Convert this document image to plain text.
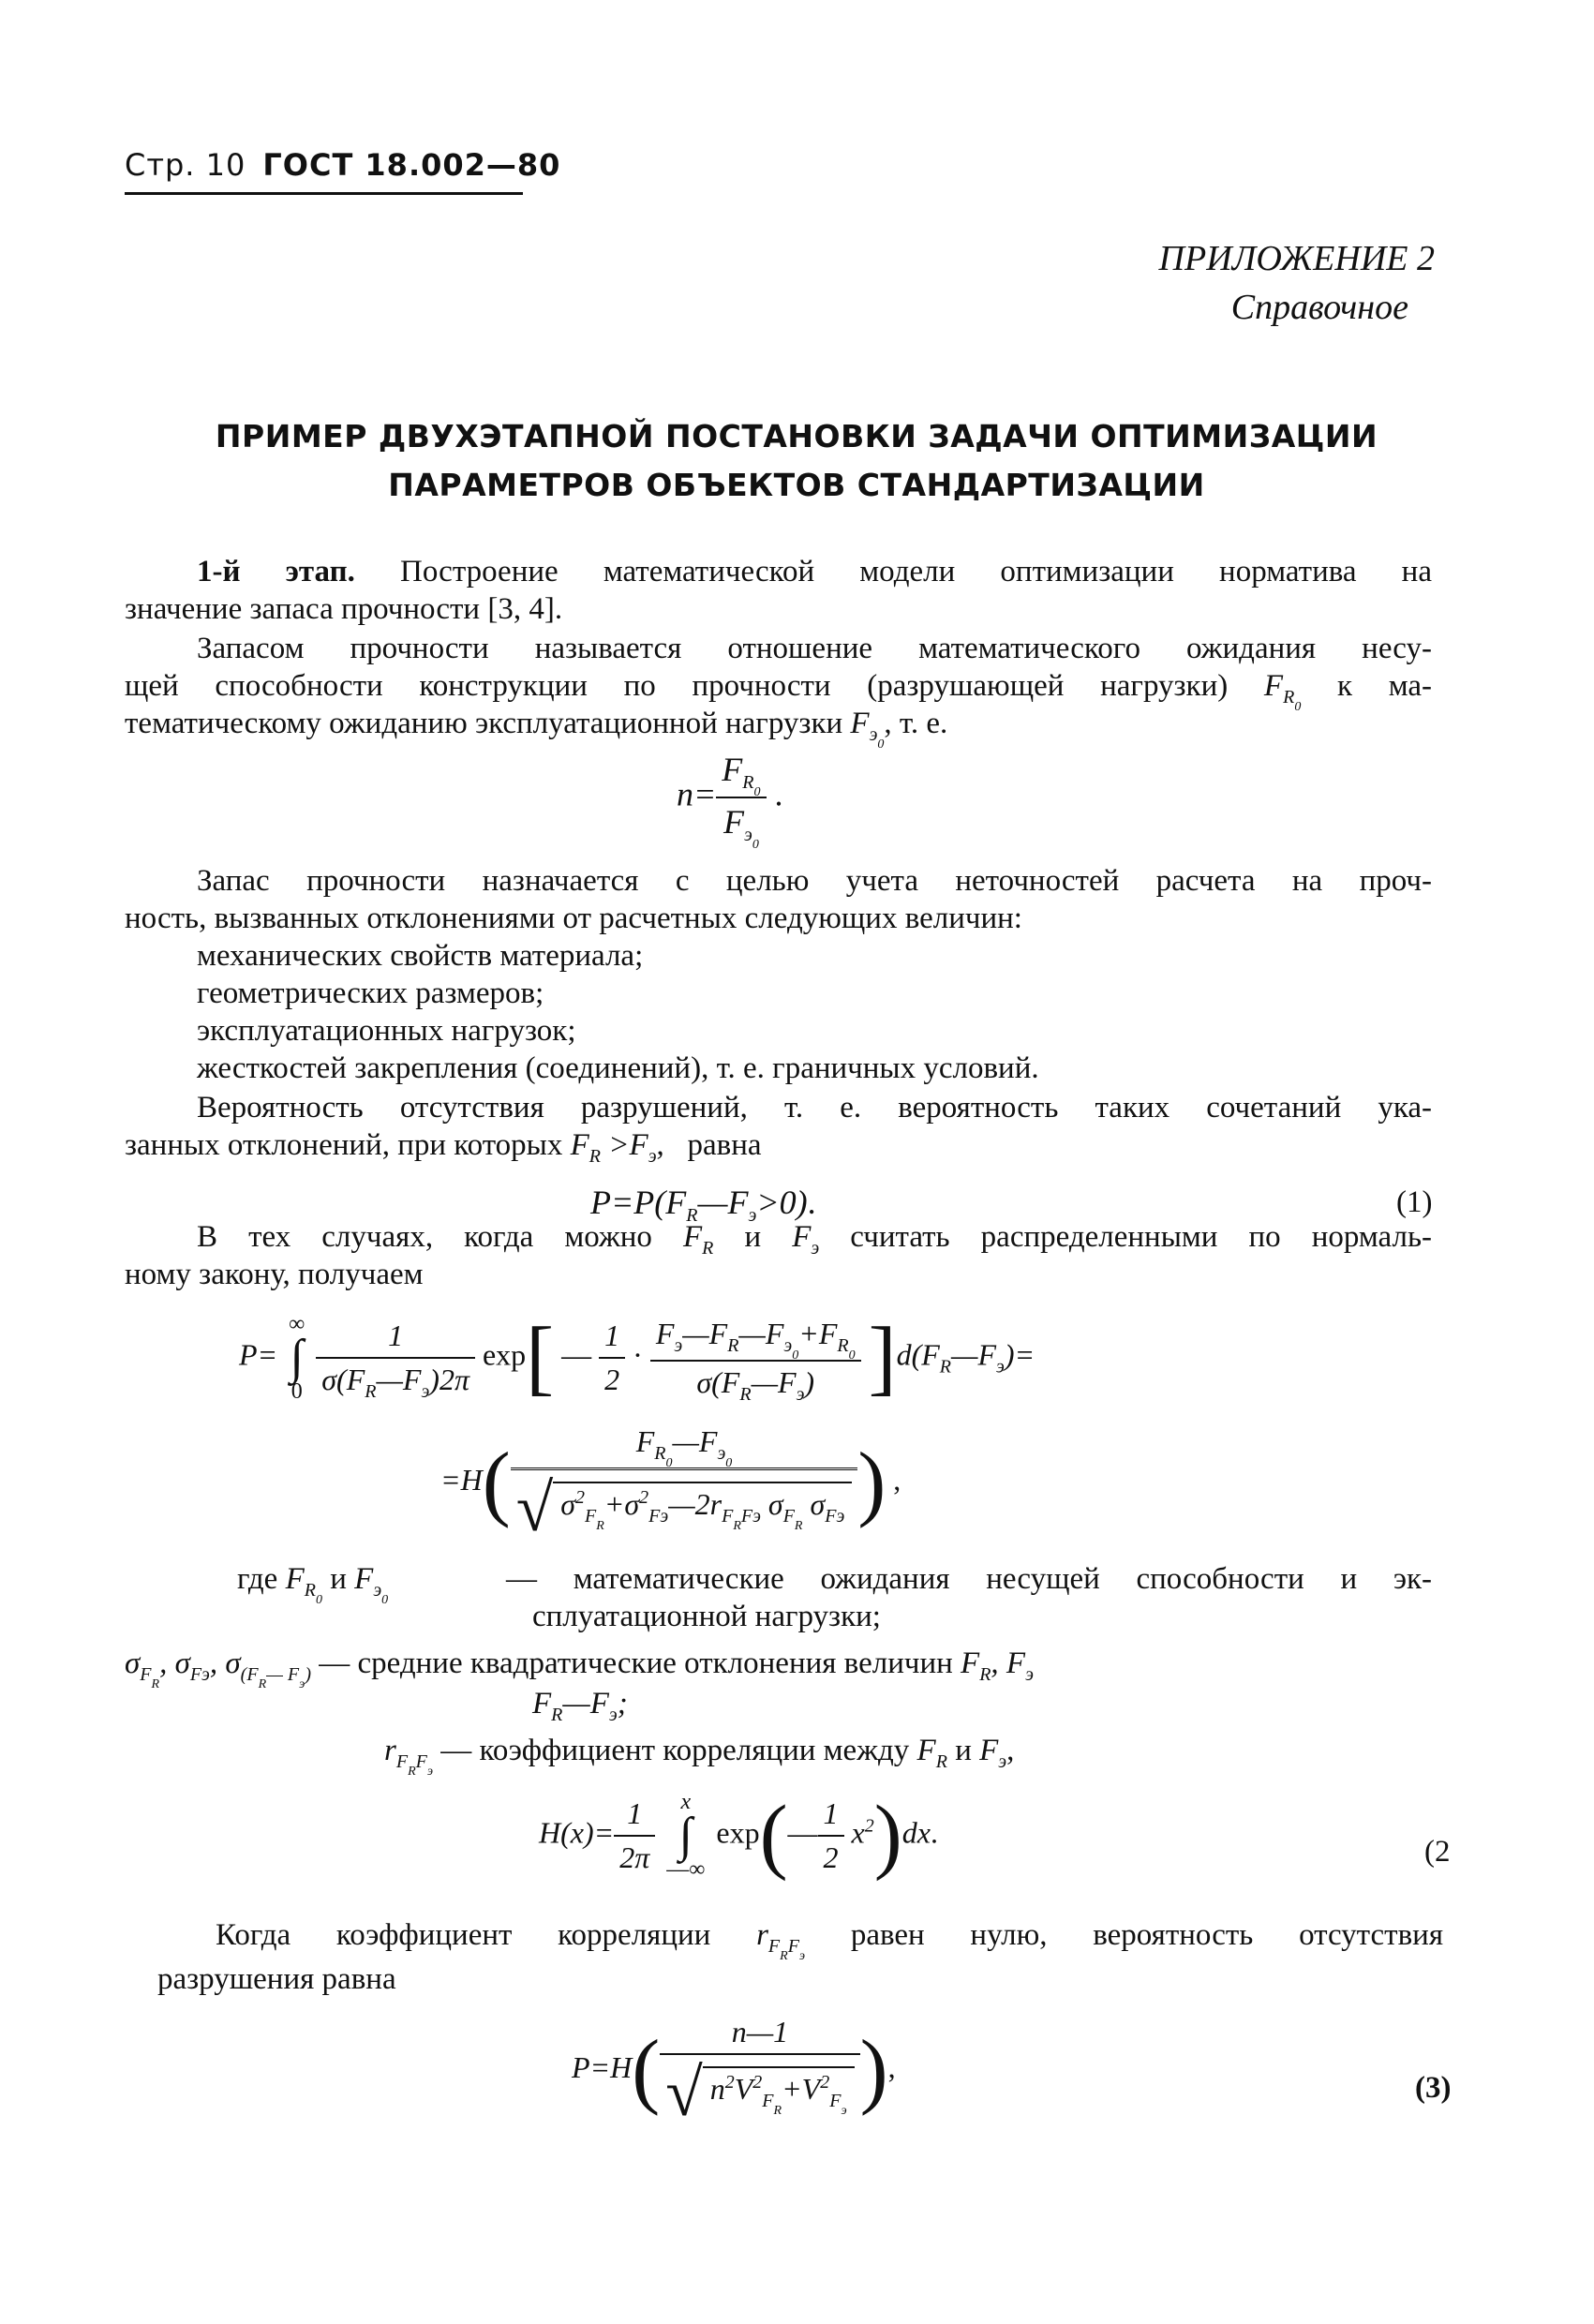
Стр. 10 ГОСТ 18.002—80
ПРИЛОЖЕНИЕ 2
Справочное
ПРИМЕР ДВУХЭТАПНОЙ ПОСТАНОВКИ ЗАДАЧИ ОПТИМИЗАЦИИ
ПАРАМЕТРОВ ОБЪЕКТОВ СТАНДАРТИЗАЦИИ
1-й этап. Построение математической модели оптимизации норматива на
значение запаса прочности [3, 4].
Запасом прочности называется отношение математического ожидания несу-
щей способности конструкции по прочности (разрушающей нагрузки) $F_{R_0}$ к ма-
тематическому ожиданию эксплуатационной нагрузки $F_{э_0}$, т. е.
$n= \frac{F_{R_0}}{F_{э_0}}$ .
Запас прочности назначается с целью учета неточностей расчета на проч-
ность, вызванных отклонениями от расчетных следующих величин:
механических свойств материала;
геометрических размеров;
эксплуатационных нагрузок;
жесткостей закрепления (соединений), т. е. граничных условий.
Вероятность отсутствия разрушений, т. е. вероятность таких сочетаний ука-
занных отклонений, при которых $F_R >F_э$,   равна
$P=P(F_R—F_э>0)$.	(1)
В тех случаях, когда можно $F_R$ и $F_э$ считать распределенными по нормаль-
ному закону, получаем
P= ∞
∫
$0 \frac{1}{\sigma(F_R—F_э)2\pi} \exp$[ — $\frac{1}{2} \cdot \frac{F_э—F_R—F_{э_0}+F_{R_0}}{\sigma(F_R—F_э)}$ ]$d(F_R—F_э)=$
$=H( \frac{F_{R_0}—F_{э_0}}{√ \sigma^2_{F_R}+\sigma^2_{Fэ}—2r_{F_RFэ} \sigma_{F_R} \sigma_{Fэ}}$ ) ,
где $F_{R_0}$ и $F_{э_0}$
— математические ожидания несущей способности и эк-
сплуатационной нагрузки;
$\sigma_{F_R}$, $\sigma_{Fэ}$, $\sigma_{(F_R— F_э)}$ — средние квадратические отклонения величин $F_R$, $F_э$
$F_R—F_э$;
$r_{F_RF_э}$ — коэффициент корреляции между $F_R$ и $F_э$,
$H(x)= \frac{1}{2\pi}$ x
∫
—∞ exp(— $\frac{1}{2} x^2)dx$.
(2
Когда коэффициент корреляции $r_{F_RF_э}$ равен нулю, вероятность отсутствия
разрушения равна
$P=H( \frac{n—1}{√ n^2V^2_{F_R}+V^2_{F_э}}$ ),
(3)
